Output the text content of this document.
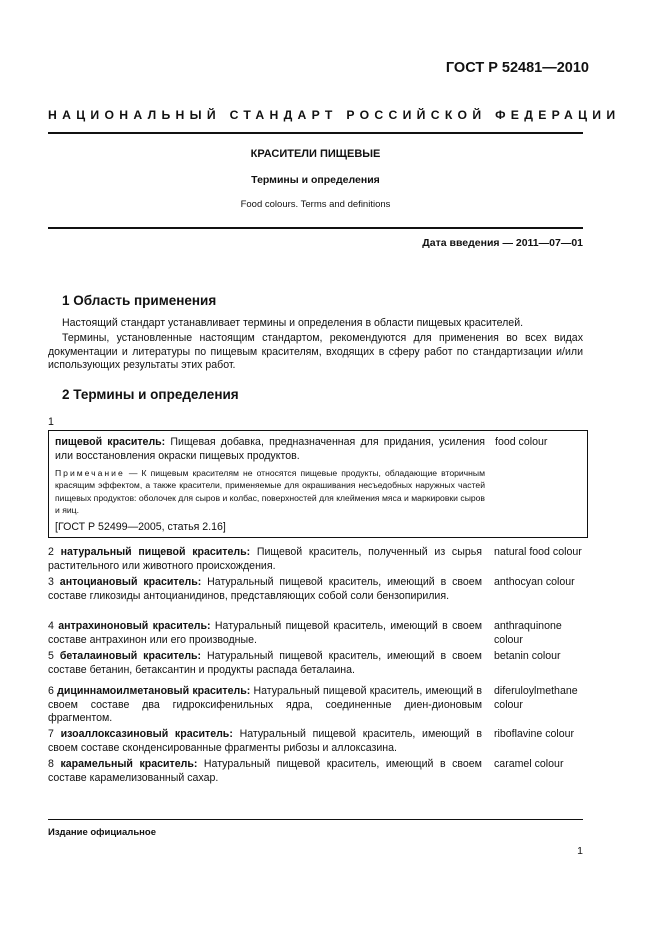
ГОСТ Р 52481—2010
НАЦИОНАЛЬНЫЙ СТАНДАРТ РОССИЙСКОЙ ФЕДЕРАЦИИ
КРАСИТЕЛИ ПИЩЕВЫЕ
Термины и определения
Food colours. Terms and definitions
Дата введения — 2011—07—01
1 Область применения
Настоящий стандарт устанавливает термины и определения в области пищевых красителей.
Термины, установленные настоящим стандартом, рекомендуются для применения во всех видах документации и литературы по пищевым красителям, входящих в сферу работ по стандартизации и/или использующих результаты этих работ.
2 Термины и определения
1
пищевой краситель: Пищевая добавка, предназначенная для придания, усиления или восстановления окраски пищевых продуктов.
food colour
Примечание — К пищевым красителям не относятся пищевые продукты, обладающие вторичным красящим эффектом, а также красители, применяемые для окрашивания несъедобных наружных частей пищевых продуктов: оболочек для сыров и колбас, поверхностей для клеймения мяса и маркировки сыров и яиц.
[ГОСТ Р 52499—2005, статья 2.16]
2 натуральный пищевой краситель: Пищевой краситель, полученный из сырья растительного или животного происхождения.
natural food colour
3 антоциановый краситель: Натуральный пищевой краситель, имеющий в своем составе гликозиды антоцианидинов, представляющих собой соли бензопирилия.
anthocyan colour
4 антрахиноновый краситель: Натуральный пищевой краситель, имеющий в своем составе антрахинон или его производные.
anthraquinone colour
5 беталаиновый краситель: Натуральный пищевой краситель, имеющий в своем составе бетанин, бетаксантин и продукты распада беталаина.
betanin colour
6 дициннамоилметановый краситель: Натуральный пищевой краситель, имеющий в своем составе два гидроксифенильных ядра, соединенные диен-дионовым фрагментом.
diferuloylmethane colour
7 изоаллоксазиновый краситель: Натуральный пищевой краситель, имеющий в своем составе сконденсированные фрагменты рибозы и аллоксазина.
riboflavine colour
8 карамельный краситель: Натуральный пищевой краситель, имеющий в своем составе карамелизованный сахар.
caramel colour
Издание официальное
1
